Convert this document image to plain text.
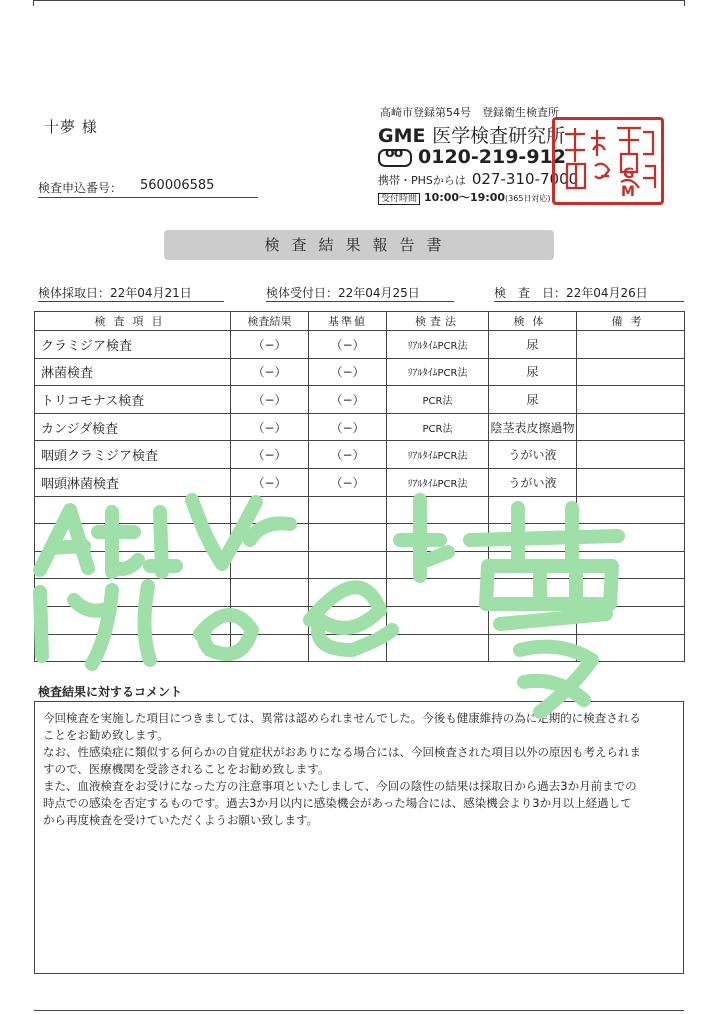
十夢 様
検査申込番号： 560006585
高崎市登録第54号　登録衛生検査所
GME 医学検査研究所
oo0120-219-912
携帯・PHSからは 027-310-7000
受付時間 10:00〜19:00(365日対応)
G
M
検査結果報告書
検体採取日：22年04月21日	検体受付日：22年04月25日	検　査　日：22年04月26日
検査項目	検査結果	基準値	検査法	検体	備考
クラミジア検査	（−）	（−）	ﾘｱﾙﾀｲﾑPCR法	尿	
淋菌検査	（−）	（−）	ﾘｱﾙﾀｲﾑPCR法	尿	
トリコモナス検査	（−）	（−）	PCR法	尿	
カンジダ検査	（−）	（−）	PCR法	陰茎表皮擦過物	
咽頭クラミジア検査	（−）	（−）	ﾘｱﾙﾀｲﾑPCR法	うがい液	
咽頭淋菌検査	（−）	（−）	ﾘｱﾙﾀｲﾑPCR法	うがい液	

検査結果に対するコメント
今回検査を実施した項目につきましては、異常は認められませんでした。今後も健康維持の為に定期的に検査される
ことをお勧め致します。
なお、性感染症に類似する何らかの自覚症状がおありになる場合には、今回検査された項目以外の原因も考えられま
すので、医療機関を受診されることをお勧め致します。
また、血液検査をお受けになった方の注意事項といたしまして、今回の陰性の結果は採取日から過去3か月前までの
時点での感染を否定するものです。過去3か月以内に感染機会があった場合には、感染機会より3か月以上経過して
から再度検査を受けていただくようお願い致します。
